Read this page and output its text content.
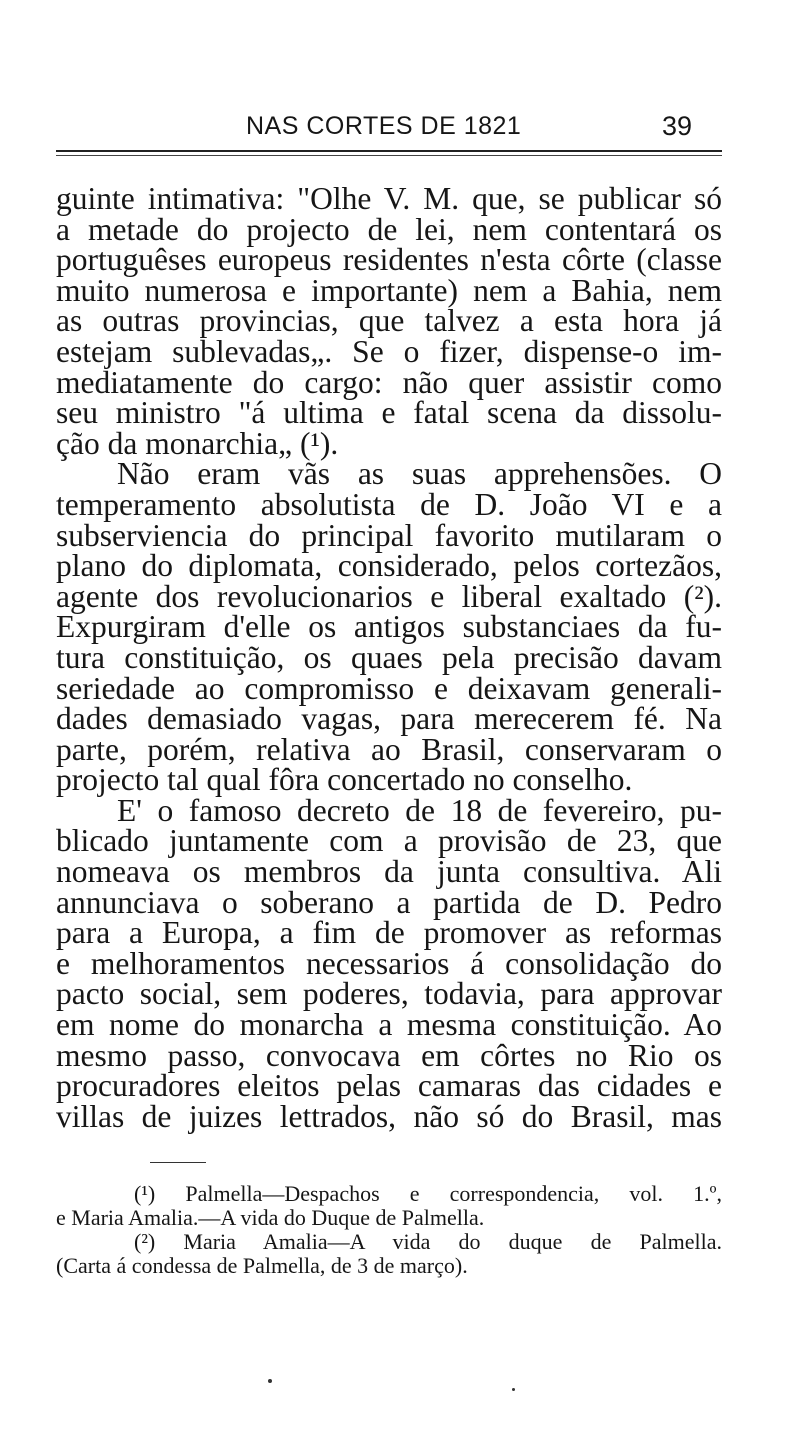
NAS CORTES DE 1821	39

guinte intimativa: "Olhe V. M. que, se publicar só
a metade do projecto de lei, nem contentará os
portuguêses europeus residentes n'esta côrte (classe
muito numerosa e importante) nem a Bahia, nem
as outras provincias, que talvez a esta hora já
estejam sublevadas„. Se o fizer, dispense-o im-
mediatamente do cargo: não quer assistir como
seu ministro "á ultima e fatal scena da dissolu-
ção da monarchia„ (¹).

Não eram vãs as suas apprehensões. O
temperamento absolutista de D. João VI e a
subserviencia do principal favorito mutilaram o
plano do diplomata, considerado, pelos cortezãos,
agente dos revolucionarios e liberal exaltado (²).
Expurgiram d'elle os antigos substanciaes da fu-
tura constituição, os quaes pela precisão davam
seriedade ao compromisso e deixavam generali-
dades demasiado vagas, para merecerem fé. Na
parte, porém, relativa ao Brasil, conservaram o
projecto tal qual fôra concertado no conselho.

E' o famoso decreto de 18 de fevereiro, pu-
blicado juntamente com a provisão de 23, que
nomeava os membros da junta consultiva. Ali
annunciava o soberano a partida de D. Pedro
para a Europa, a fim de promover as reformas
e melhoramentos necessarios á consolidação do
pacto social, sem poderes, todavia, para approvar
em nome do monarcha a mesma constituição. Ao
mesmo passo, convocava em côrtes no Rio os
procuradores eleitos pelas camaras das cidades e
villas de juizes lettrados, não só do Brasil, mas

(¹) Palmella—Despachos e correspondencia, vol. 1.º,
e Maria Amalia.—A vida do Duque de Palmella.
(²) Maria Amalia—A vida do duque de Palmella.
(Carta á condessa de Palmella, de 3 de março).
